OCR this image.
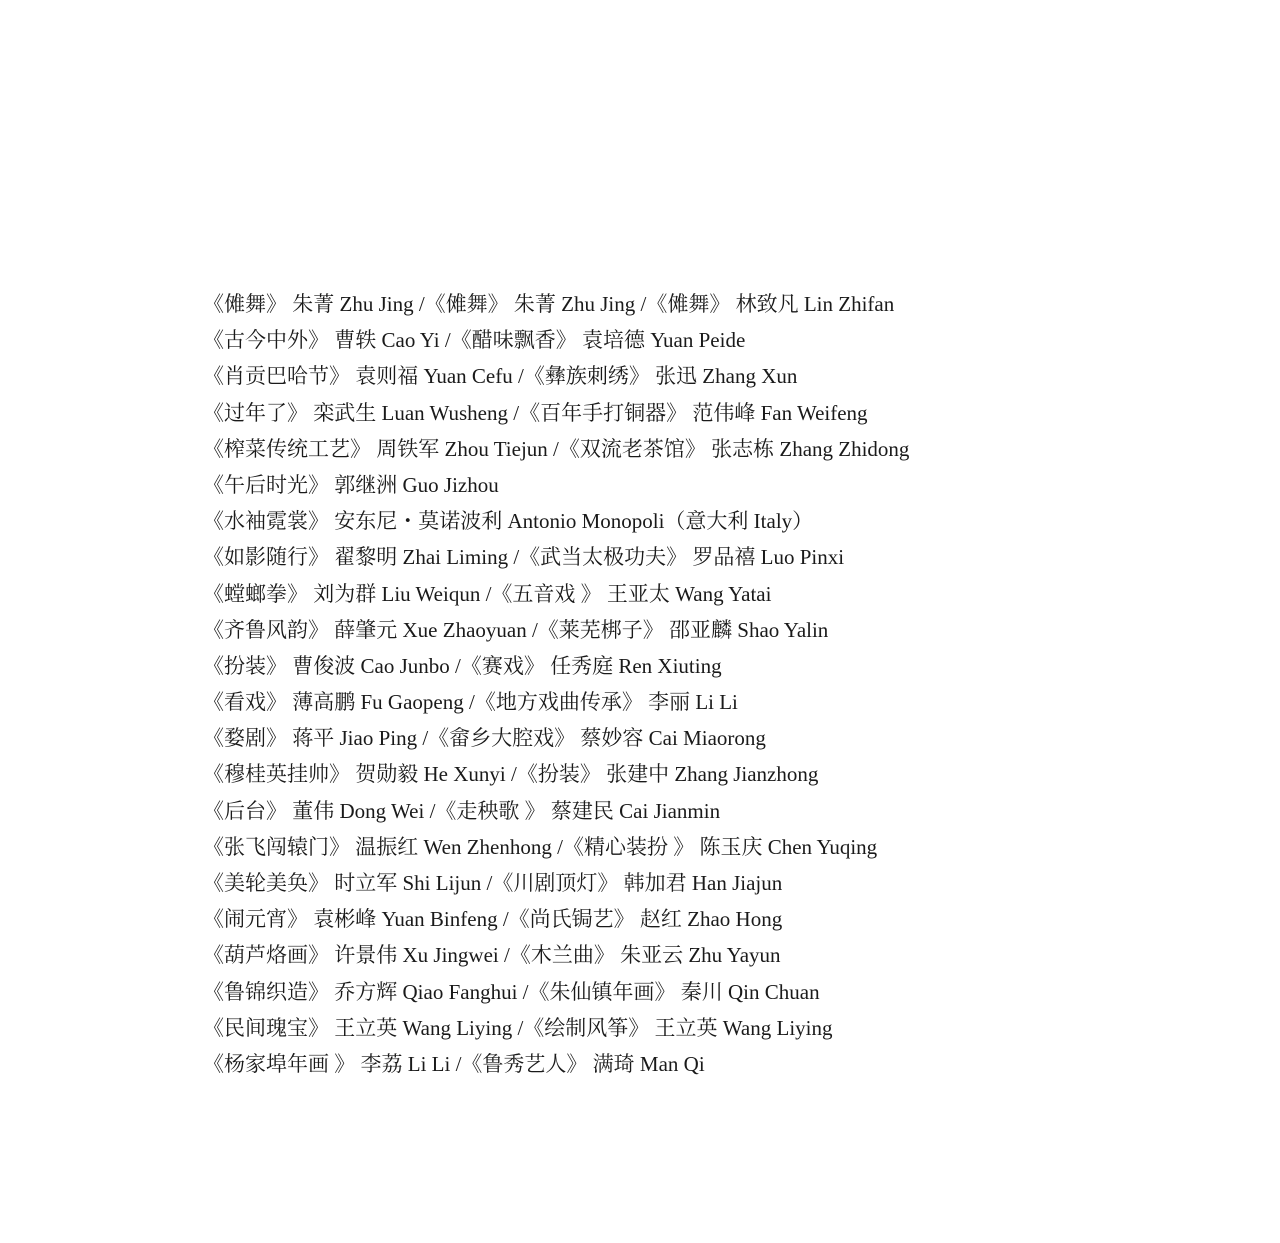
《傩舞》 朱菁 Zhu Jing /《傩舞》 朱菁 Zhu Jing /《傩舞》 林致凡 Lin Zhifan
《古今中外》 曹轶 Cao Yi /《醋味飘香》 袁培德 Yuan Peide
《肖贡巴哈节》 袁则福 Yuan Cefu /《彝族刺绣》 张迅 Zhang Xun
《过年了》 栾武生 Luan Wusheng /《百年手打铜器》 范伟峰 Fan Weifeng
《榨菜传统工艺》 周铁军 Zhou Tiejun /《双流老茶馆》 张志栋 Zhang Zhidong
《午后时光》 郭继洲 Guo Jizhou
《水袖霓裳》 安东尼・莫诺波利 Antonio Monopoli（意大利 Italy）
《如影随行》 翟黎明 Zhai Liming /《武当太极功夫》 罗品禧 Luo Pinxi
《螳螂拳》 刘为群 Liu Weiqun /《五音戏 》 王亚太 Wang Yatai
《齐鲁风韵》 薛肇元 Xue Zhaoyuan /《莱芜梆子》 邵亚麟 Shao Yalin
《扮装》 曹俊波 Cao Junbo /《赛戏》 任秀庭 Ren Xiuting
《看戏》 薄高鹏 Fu Gaopeng /《地方戏曲传承》 李丽 Li Li
《婺剧》 蒋平 Jiao Ping /《畲乡大腔戏》 蔡妙容 Cai Miaorong
《穆桂英挂帅》 贺勋毅 He Xunyi /《扮装》 张建中 Zhang Jianzhong
《后台》 董伟 Dong Wei /《走秧歌 》 蔡建民 Cai Jianmin
《张飞闯辕门》 温振红 Wen Zhenhong /《精心装扮 》 陈玉庆 Chen Yuqing
《美轮美奂》 时立军 Shi Lijun /《川剧顶灯》 韩加君 Han Jiajun
《闹元宵》 袁彬峰 Yuan Binfeng /《尚氏锔艺》 赵红 Zhao Hong
《葫芦烙画》 许景伟 Xu Jingwei /《木兰曲》 朱亚云 Zhu Yayun
《鲁锦织造》 乔方辉 Qiao Fanghui /《朱仙镇年画》 秦川 Qin Chuan
《民间瑰宝》 王立英 Wang Liying /《绘制风筝》 王立英 Wang Liying
《杨家埠年画 》 李荔 Li Li /《鲁秀艺人》 满琦 Man Qi
